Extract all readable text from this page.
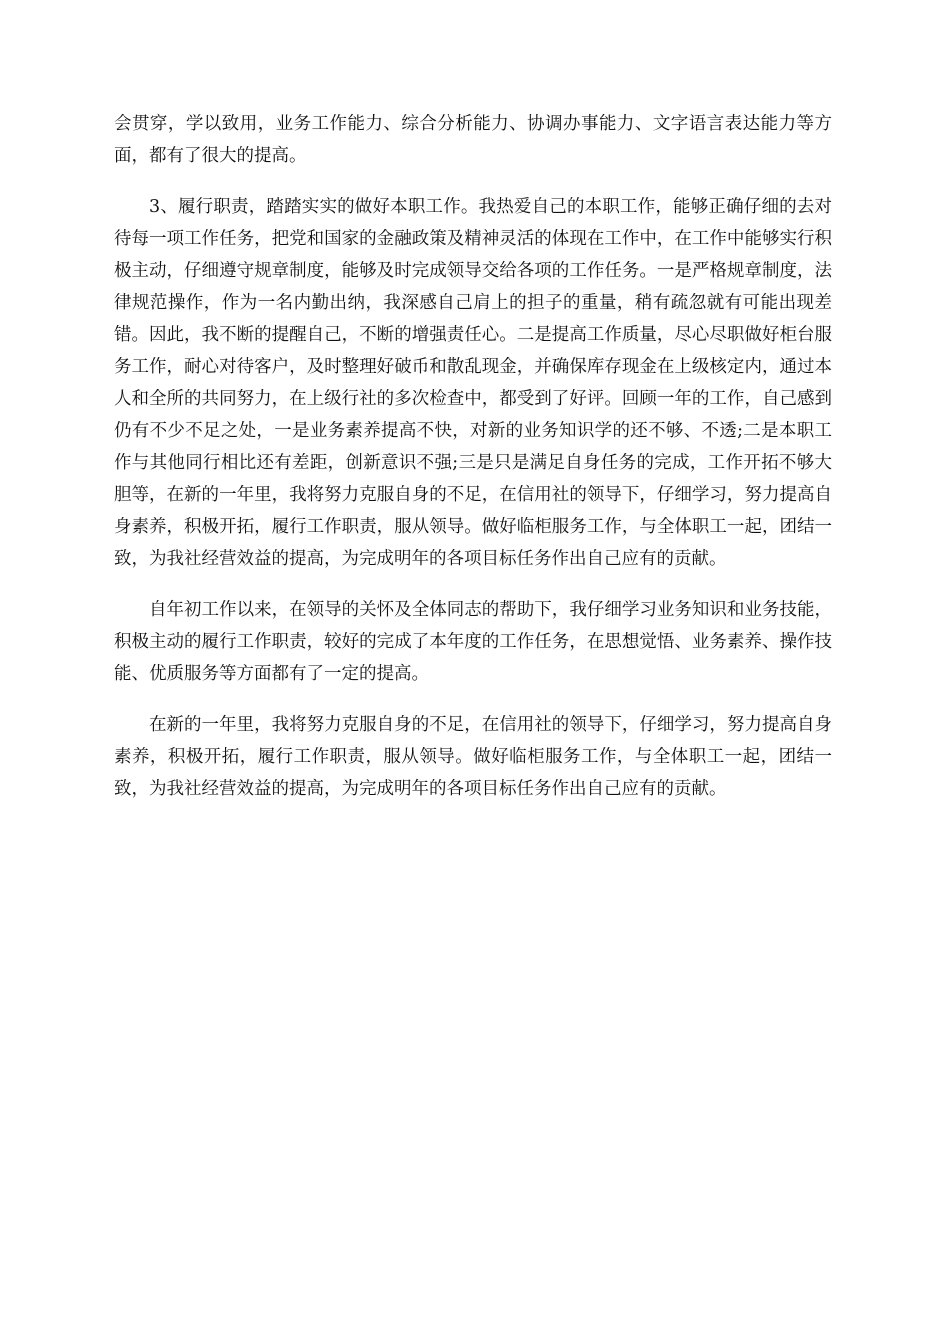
会贯穿，学以致用，业务工作能力、综合分析能力、协调办事能力、文字语言表达能力等方面，都有了很大的提高。

3、履行职责，踏踏实实的做好本职工作。我热爱自己的本职工作，能够正确仔细的去对待每一项工作任务，把党和国家的金融政策及精神灵活的体现在工作中，在工作中能够实行积极主动，仔细遵守规章制度，能够及时完成领导交给各项的工作任务。一是严格规章制度，法律规范操作，作为一名内勤出纳，我深感自己肩上的担子的重量，稍有疏忽就有可能出现差错。因此，我不断的提醒自己，不断的增强责任心。二是提高工作质量，尽心尽职做好柜台服务工作，耐心对待客户，及时整理好破币和散乱现金，并确保库存现金在上级核定内，通过本人和全所的共同努力，在上级行社的多次检查中，都受到了好评。回顾一年的工作，自己感到仍有不少不足之处，一是业务素养提高不快，对新的业务知识学的还不够、不透;二是本职工作与其他同行相比还有差距，创新意识不强;三是只是满足自身任务的完成，工作开拓不够大胆等，在新的一年里，我将努力克服自身的不足，在信用社的领导下，仔细学习，努力提高自身素养，积极开拓，履行工作职责，服从领导。做好临柜服务工作，与全体职工一起，团结一致，为我社经营效益的提高，为完成明年的各项目标任务作出自己应有的贡献。

自年初工作以来，在领导的关怀及全体同志的帮助下，我仔细学习业务知识和业务技能，积极主动的履行工作职责，较好的完成了本年度的工作任务，在思想觉悟、业务素养、操作技能、优质服务等方面都有了一定的提高。

在新的一年里，我将努力克服自身的不足，在信用社的领导下，仔细学习，努力提高自身素养，积极开拓，履行工作职责，服从领导。做好临柜服务工作，与全体职工一起，团结一致，为我社经营效益的提高，为完成明年的各项目标任务作出自己应有的贡献。
